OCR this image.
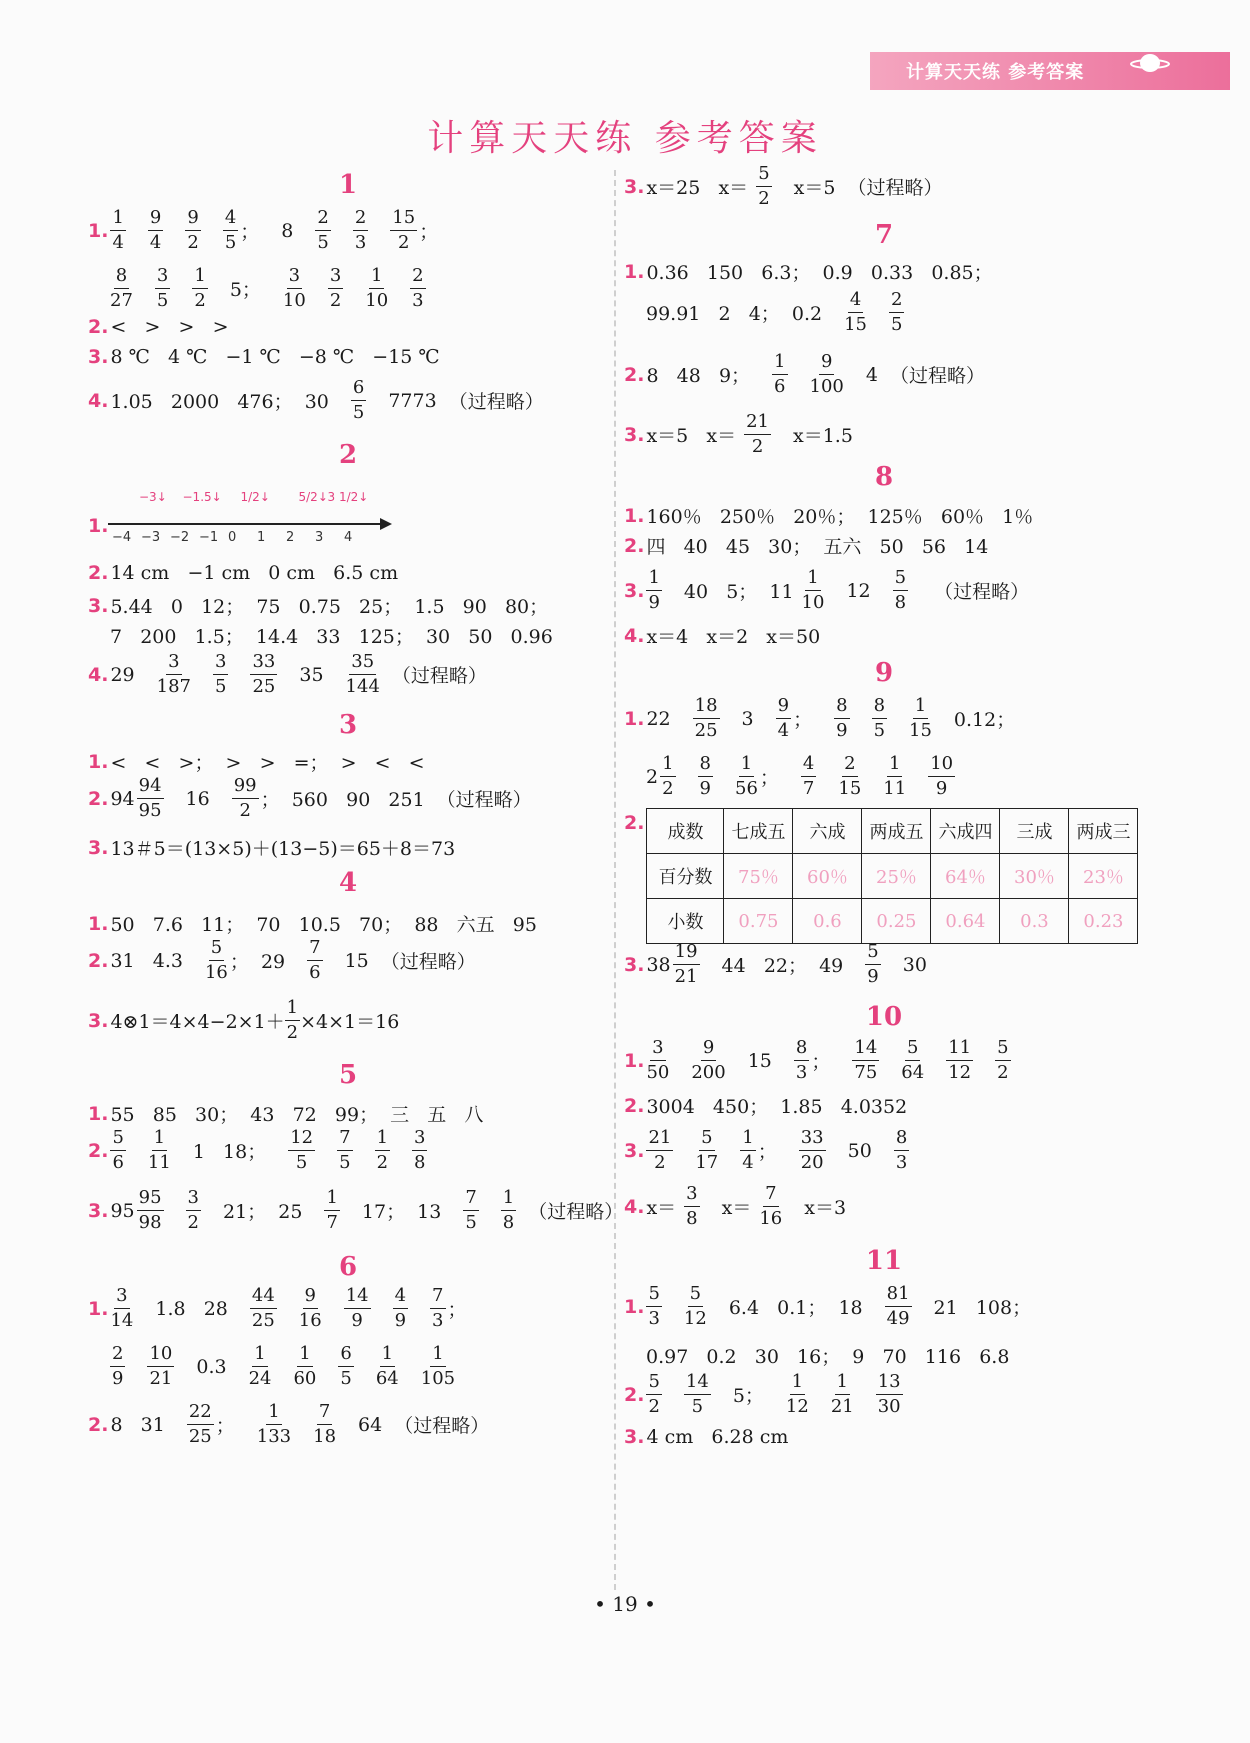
计算天天练 参考答案
计算天天练 参考答案
1
1. $\frac{1}{4} \frac{9}{4} \frac{9}{2} \frac{4}{5}$ ； $8 \frac{2}{5} \frac{2}{3} \frac{15}{2}$ ；
$\frac{8}{27} \frac{3}{5} \frac{1}{2} 5$； $\frac{3}{10} \frac{3}{2} \frac{1}{10} \frac{2}{3}$
2. <   >   >   >
3. 8 ℃   4 ℃   −1 ℃   −8 ℃   −15 ℃
4. 1.05   2000   476；  $30 \frac{6}{5} 7773$ （过程略）
2
1.
−4 −3 −2 −1 0 1 2 3 4
−3↓ −1.5↓ 1/2↓ 5/2↓ 3 1/2↓
2. 14 cm   −1 cm   0 cm   6.5 cm
3. 5.44   0   12；  75   0.75   25；  1.5   90   80；
7   200   1.5；  14.4   33   125；  30   50   0.96
4. $29 \frac{3}{187} \frac{3}{5} \frac{33}{25} 35 \frac{35}{144}$ （过程略）
3
1. <   <   >；  >   >   =；  >   <   <
2. $94 \frac{94}{95} 16 \frac{99}{2}$ ；  560   90   251 （过程略）
3. 13＃5＝(13×5)＋(13−5)＝65＋8＝73
4
1. 50   7.6   11；  70   10.5   70；  88   六五   95
2. 31   $4.3 \frac{5}{16}$ ；  $29 \frac{7}{6} 15$ （过程略）
3. 4⊗1＝4×4−2×1＋ $\frac{1}{2} \times 4\times 1=16$
5
1. 55   85   30；  43   72   99；  三   五   八
2. $\frac{5}{6} \frac{1}{11} 1$   18； $\frac{12}{5} \frac{7}{5} \frac{1}{2} \frac{3}{8}$
3. $95 \frac{95}{98} \frac{3}{2} 21$；  $25 \frac{1}{7} 17$；  $13 \frac{7}{5} \frac{1}{8}$ （过程略）
6
1. $\frac{3}{14} 1.8$   $28 \frac{44}{25} \frac{9}{16} \frac{14}{9} \frac{4}{9} \frac{7}{3}$ ；
$\frac{2}{9} \frac{10}{21} 0.3 \frac{1}{24} \frac{1}{60} \frac{6}{5} \frac{1}{64} \frac{1}{105}$
2. 8   $31 \frac{22}{25}$ ； $\frac{1}{133} \frac{7}{18} 64$ （过程略）
3. x＝25   $x= \frac{5}{2} x=5$ （过程略）
7
1. 0.36   150   6.3；  0.9   0.33   0.85；
99.91   2   4；  $0.2 \frac{4}{15} \frac{2}{5}$
2. 8   48   9； $\frac{1}{6} \frac{9}{100} 4$ （过程略）
3. x＝5   $x= \frac{21}{2} x=1.5$
8
1. 160％   250％   20％；  125％   60％   1％
2. 四   40   45   30；  五六   50   56   14
3. $\frac{1}{9} 40$   5；  $11 \frac{1}{10} 12 \frac{5}{8}$ （过程略）
4. x＝4   x＝2   x＝50
9
1. $22 \frac{18}{25} 3 \frac{9}{4}$ ； $\frac{8}{9} \frac{8}{5} \frac{1}{15} 0.12$；
$2 \frac{1}{2} \frac{8}{9} \frac{1}{56}$ ； $\frac{4}{7} \frac{2}{15} \frac{1}{11} \frac{10}{9}$
2. 成数	七成五	六成	两成五	六成四	三成	两成三
百分数	75％	60％	25％	64％	30％	23％
小数	0.75	0.6	0.25	0.64	0.3	0.23
3. $38 \frac{19}{21} 44$   22；  $49 \frac{5}{9} 30$
10
1. $\frac{3}{50} \frac{9}{200} 15 \frac{8}{3}$ ； $\frac{14}{75} \frac{5}{64} \frac{11}{12} \frac{5}{2}$
2. 3004   450；  1.85   4.0352
3. $\frac{21}{2} \frac{5}{17} \frac{1}{4}$ ； $\frac{33}{20} 50 \frac{8}{3}$
4. $x= \frac{3}{8} x= \frac{7}{16} x=3$
11
1. $\frac{5}{3} \frac{5}{12} 6.4$   0.1；  $18 \frac{81}{49} 21$   108；
0.97   0.2   30   16；  9   70   116   6.8
2. $\frac{5}{2} \frac{14}{5} 5$； $\frac{1}{12} \frac{1}{21} \frac{13}{30}$
3. 4 cm   6.28 cm
• 19 •
